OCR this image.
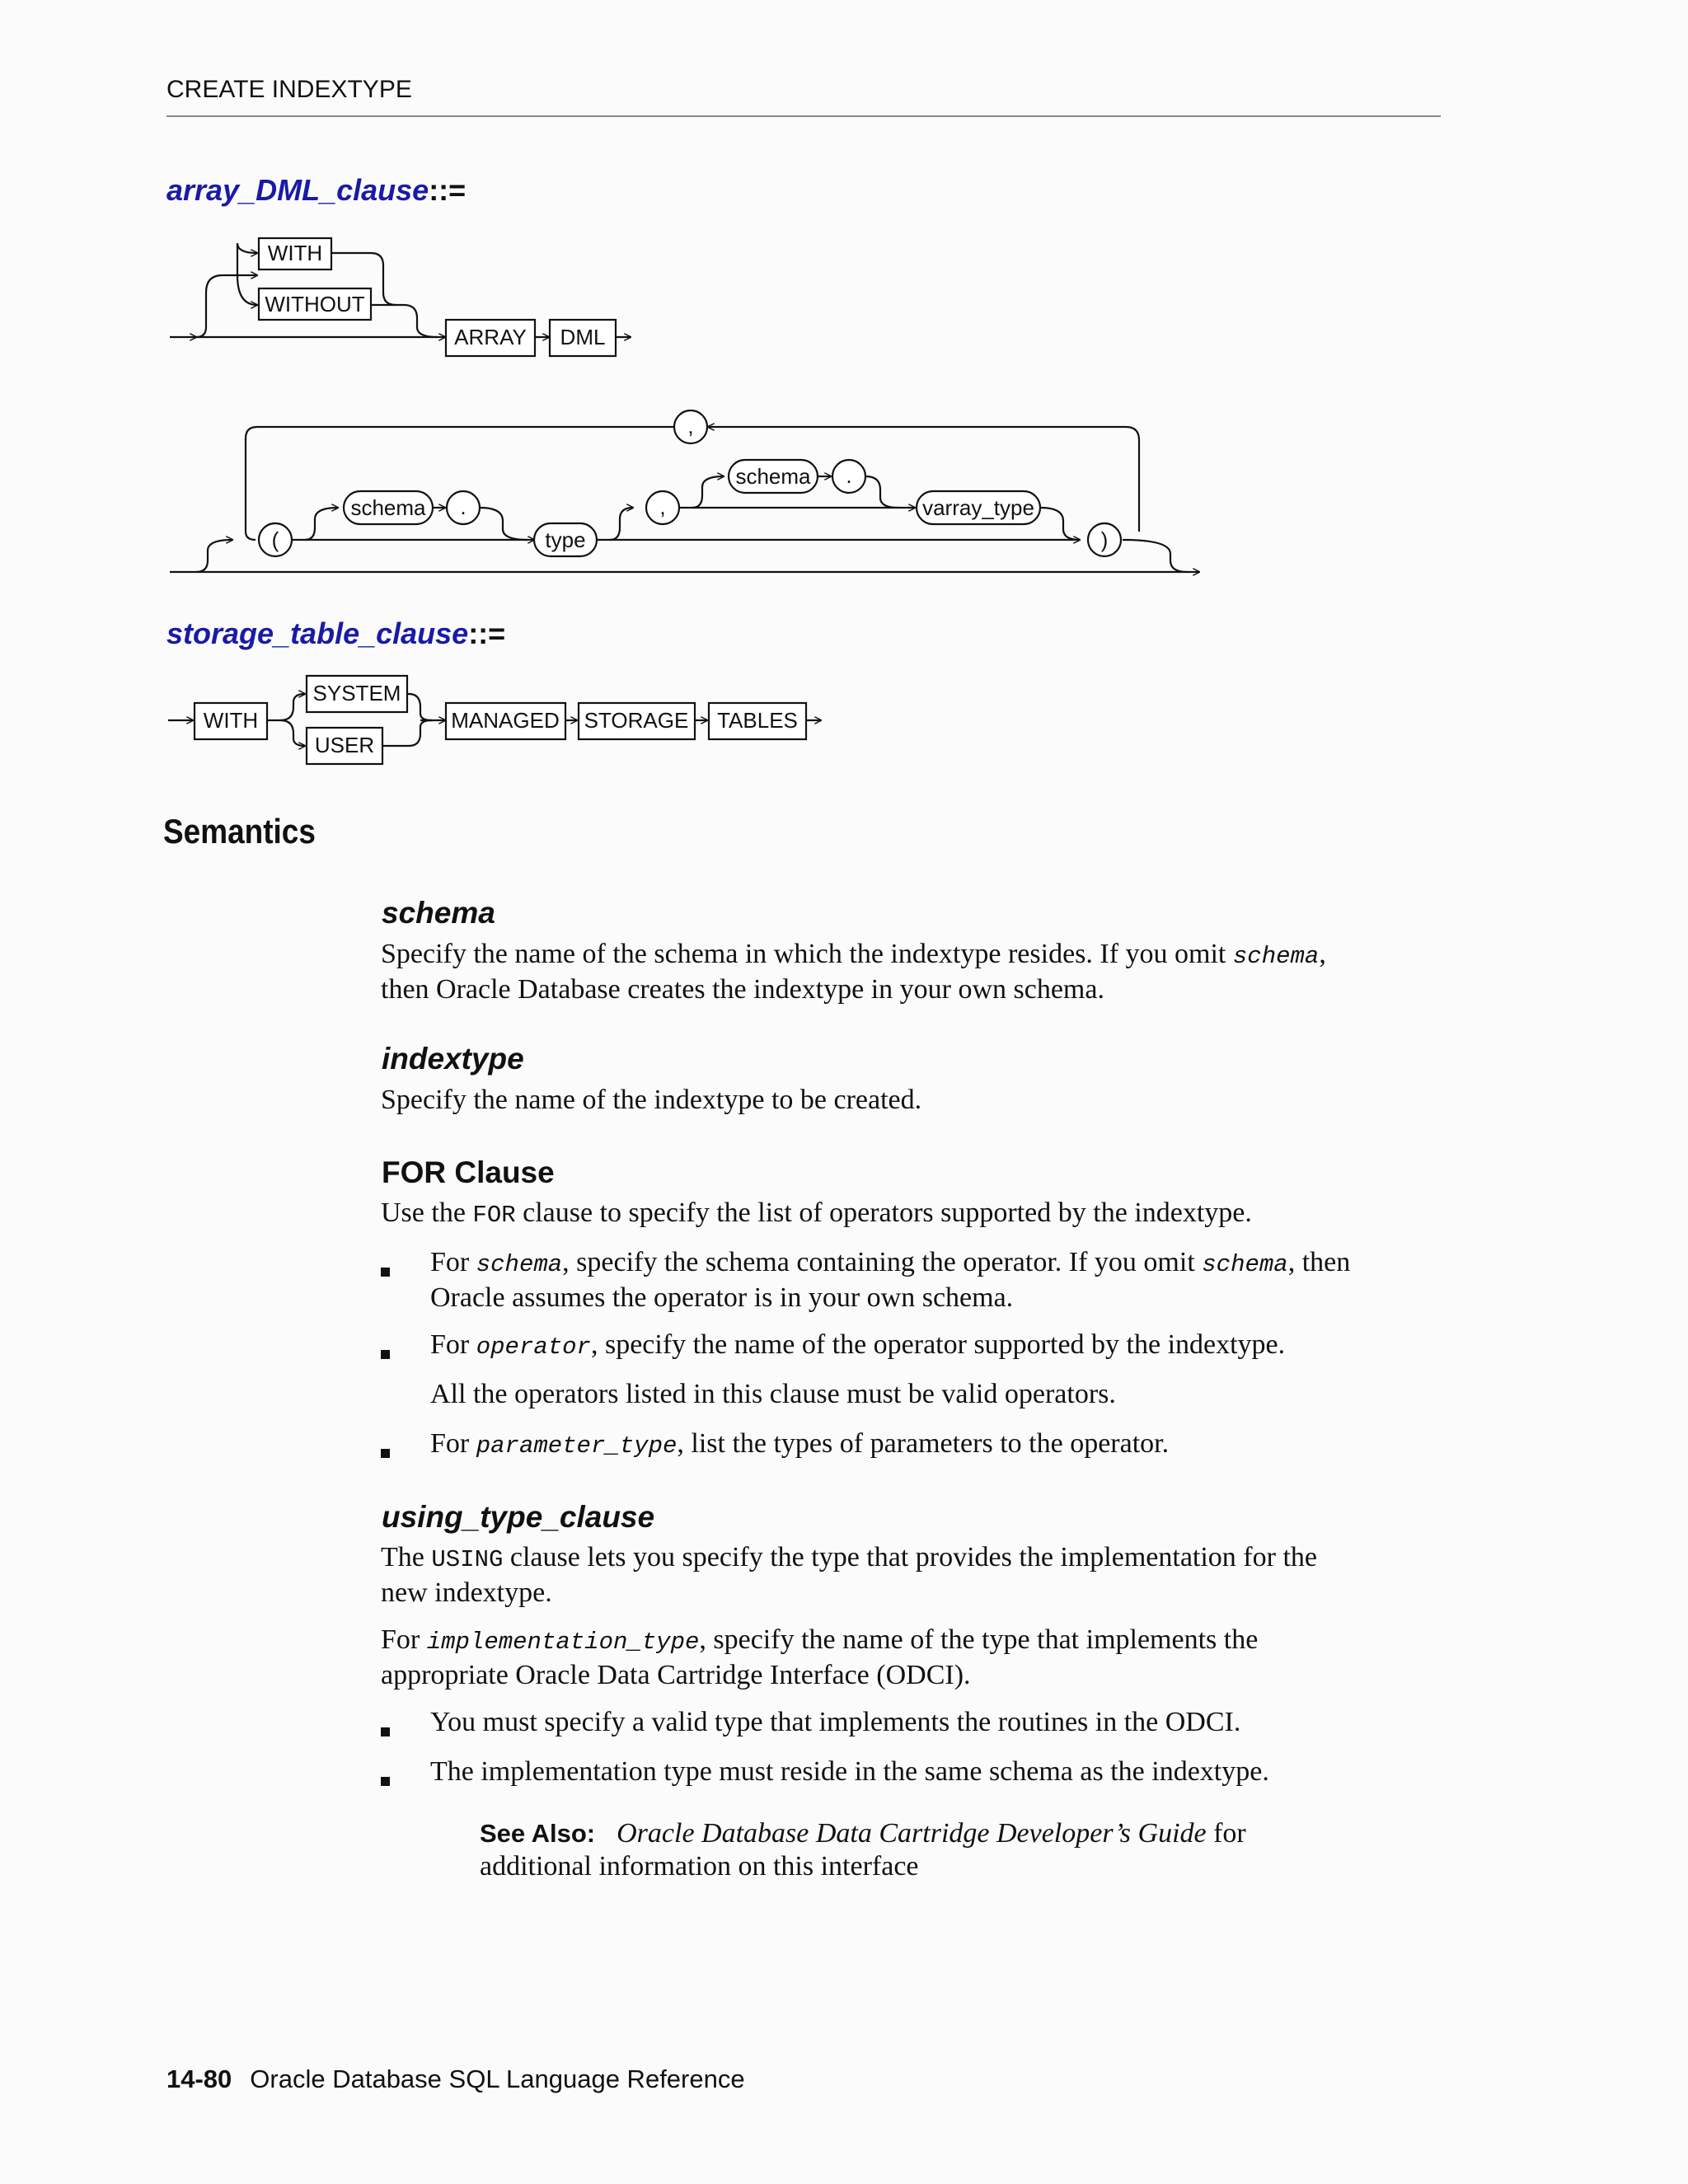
CREATE INDEXTYPE
array_DML_clause::=
WITH
WITHOUT
ARRAY DML
,
(
schema .
type
,
schema .
varray_type
)
storage_table_clause::=
WITH
SYSTEM
USER
MANAGED STORAGE TABLES
Semantics
schema
Specify the name of the schema in which the indextype resides. If you omit schema,
then Oracle Database creates the indextype in your own schema.
indextype
Specify the name of the indextype to be created.
FOR Clause
Use the FOR clause to specify the list of operators supported by the indextype.
For schema, specify the schema containing the operator. If you omit schema, then
Oracle assumes the operator is in your own schema.
For operator, specify the name of the operator supported by the indextype.
All the operators listed in this clause must be valid operators.
For parameter_type, list the types of parameters to the operator.
using_type_clause
The USING clause lets you specify the type that provides the implementation for the
new indextype.
For implementation_type, specify the name of the type that implements the
appropriate Oracle Data Cartridge Interface (ODCI).
You must specify a valid type that implements the routines in the ODCI.
The implementation type must reside in the same schema as the indextype.
See Also: Oracle Database Data Cartridge Developer’s Guide for
additional information on this interface
14-80 Oracle Database SQL Language Reference
